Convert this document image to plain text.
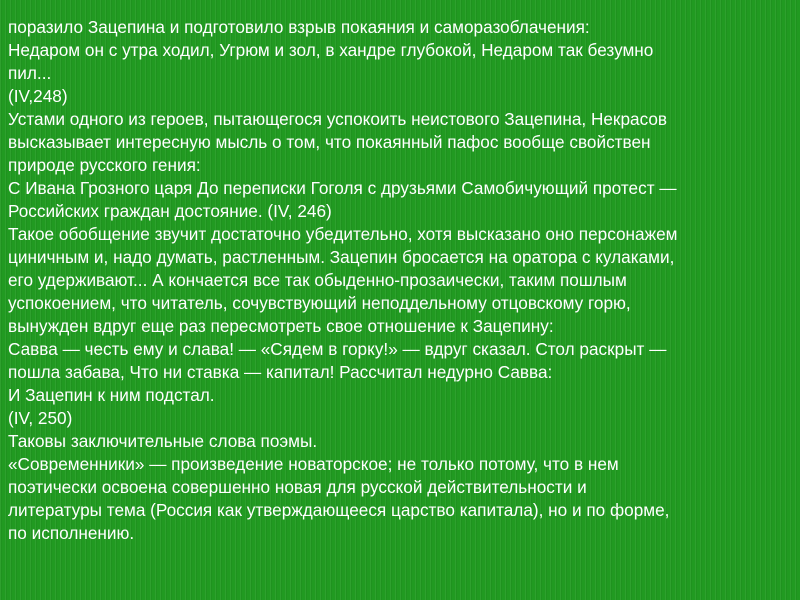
поразило Зацепина и подготовило взрыв покаяния и саморазоблачения:
Недаром он с утра ходил, Угрюм и зол, в хандре глубокой, Недаром так безумно
пил...
(IV,248)
Устами одного из героев, пытающегося успокоить неистового Зацепина, Некрасов
высказывает интересную мысль о том, что покаянный пафос вообще свойствен
природе русского гения:
С Ивана Грозного царя До переписки Гоголя с друзьями Самобичующий протест —
Российских граждан достояние. (IV, 246)
Такое обобщение звучит достаточно убедительно, хотя высказано оно персонажем
циничным и, надо думать, растленным. Зацепин бросается на оратора с кулаками,
его удерживают... А кончается все так обыденно-прозаически, таким пошлым
успокоением, что читатель, сочувствующий неподдельному отцовскому горю,
вынужден вдруг еще раз пересмотреть свое отношение к Зацепину:
Савва — честь ему и слава! — «Сядем в горку!» — вдруг сказал. Стол раскрыт —
пошла забава, Что ни ставка — капитал! Рассчитал недурно Савва:
И Зацепин к ним подстал.
(IV, 250)
Таковы заключительные слова поэмы.
«Современники» — произведение новаторское; не только потому, что в нем
поэтически освоена совершенно новая для русской действительности и
литературы тема (Россия как утверждающееся царство капитала), но и по форме,
по исполнению.
